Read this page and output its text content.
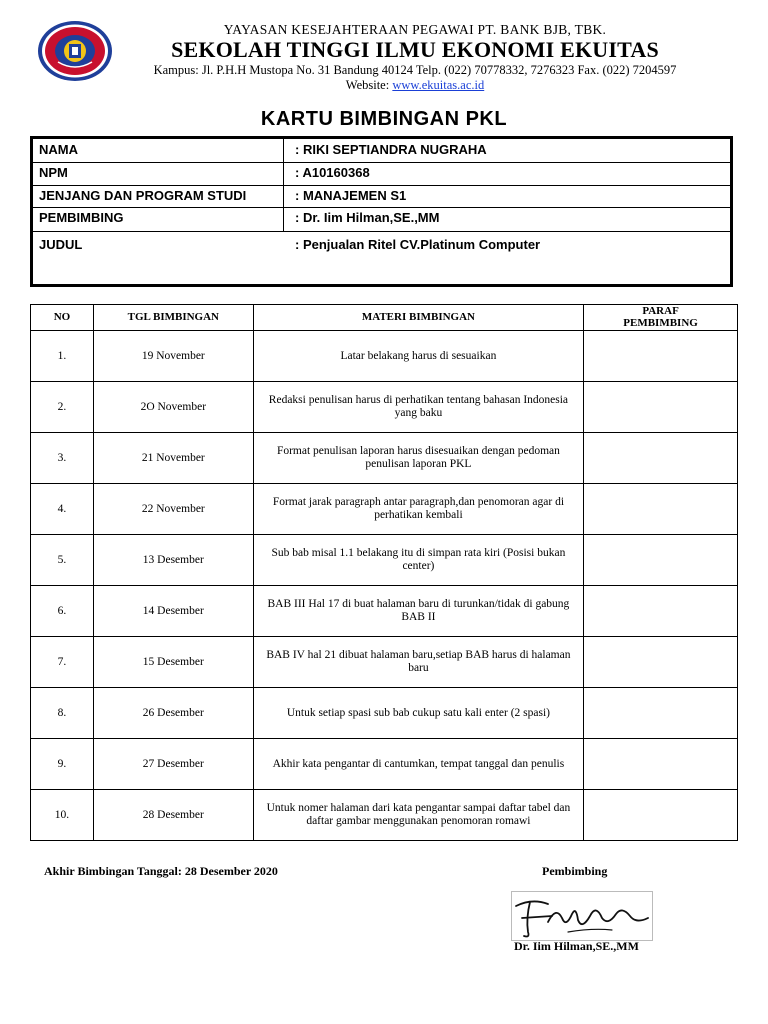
YAYASAN KESEJAHTERAAN PEGAWAI PT. BANK BJB, TBK.
SEKOLAH TINGGI ILMU EKONOMI EKUITAS
Kampus: Jl. P.H.H Mustopa No. 31 Bandung 40124 Telp. (022) 70778332, 7276323 Fax. (022) 7204597
Website: www.ekuitas.ac.id
KARTU BIMBINGAN PKL
NAMA	: RIKI SEPTIANDRA NUGRAHA
NPM	: A10160368
JENJANG DAN PROGRAM STUDI	: MANAJEMEN S1
PEMBIMBING	: Dr. Iim Hilman,SE.,MM
JUDUL	: Penjualan Ritel CV.Platinum Computer
NO	TGL BIMBINGAN	MATERI BIMBINGAN	PARAF
PEMBIMBING
1.	19 November	Latar belakang harus di sesuaikan	
2.	2O November	Redaksi penulisan harus di perhatikan tentang bahasan Indonesia yang baku	
3.	21 November	Format penulisan laporan harus disesuaikan dengan pedoman penulisan laporan PKL	
4.	22 November	Format jarak paragraph antar paragraph,dan penomoran agar di perhatikan kembali	
5.	13 Desember	Sub bab misal 1.1 belakang itu di simpan rata kiri (Posisi bukan center)	
6.	14 Desember	BAB III Hal 17 di buat halaman baru di turunkan/tidak di gabung BAB II	
7.	15 Desember	BAB IV hal 21 dibuat halaman baru,setiap BAB harus di halaman baru	
8.	26 Desember	Untuk setiap spasi sub bab cukup satu kali enter (2 spasi)	
9.	27 Desember	Akhir kata pengantar di cantumkan, tempat tanggal dan penulis	
10.	28 Desember	Untuk nomer halaman dari kata pengantar sampai daftar tabel dan daftar gambar menggunakan penomoran romawi	
Akhir Bimbingan Tanggal: 28 Desember 2020	Pembimbing
Dr. Iim Hilman,SE.,MM
